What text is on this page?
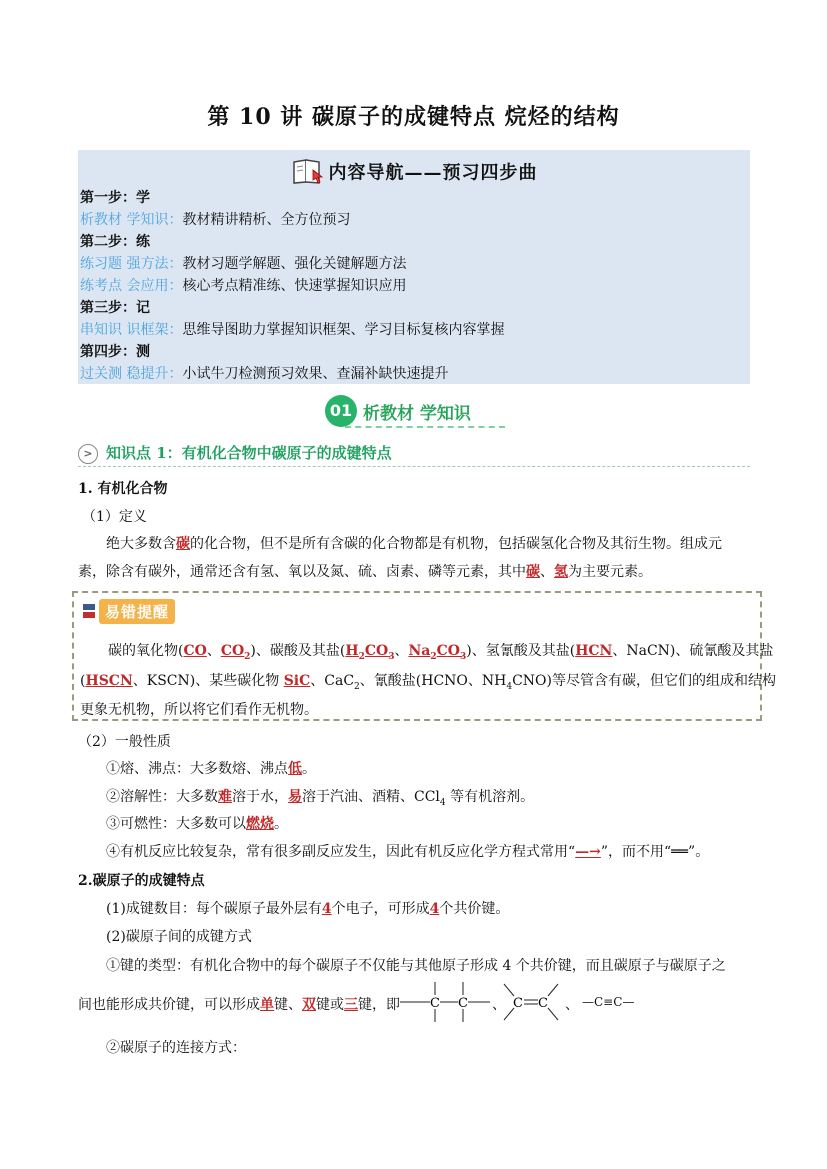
第 10 讲 碳原子的成键特点 烷烃的结构
内容导航——预习四步曲
第一步：学
析教材 学知识：教材精讲精析、全方位预习
第二步：练
练习题 强方法：教材习题学解题、强化关键解题方法
练考点 会应用：核心考点精准练、快速掌握知识应用
第三步：记
串知识 识框架：思维导图助力掌握知识框架、学习目标复核内容掌握
第四步：测
过关测 稳提升：小试牛刀检测预习效果、查漏补缺快速提升
01 析教材 学知识
> 知识点 1：有机化合物中碳原子的成键特点
1. 有机化合物
（1）定义
绝大多数含碳的化合物，但不是所有含碳的化合物都是有机物，包括碳氢化合物及其衍生物。组成元
素，除含有碳外，通常还含有氢、氧以及氮、硫、卤素、磷等元素，其中碳、氢为主要元素。
易错提醒
碳的氧化物(CO、$CO_2$)、碳酸及其盐($H_2CO_3$、$Na_2CO_3$)、氢氰酸及其盐(HCN、NaCN)、硫氰酸及其盐
(HSCN、KSCN)、某些碳化物 SiC、CaC$_2$、氰酸盐(HCNO、$NH_4CNO$)等尽管含有碳，但它们的组成和结构
更象无机物，所以将它们看作无机物。
（2）一般性质
①熔、沸点：大多数熔、沸点低。
②溶解性：大多数难溶于水，易溶于汽油、酒精、CCl$_4$ 等有机溶剂。
③可燃性：大多数可以燃烧。
④有机反应比较复杂，常有很多副反应发生，因此有机反应化学方程式常用“—→”，而不用“══”。
2.碳原子的成键特点
(1)成键数目：每个碳原子最外层有4个电子，可形成4个共价键。
(2)碳原子间的成键方式
①键的类型：有机化合物中的每个碳原子不仅能与其他原子形成 4 个共价键，而且碳原子与碳原子之
间也能形成共价键，可以形成单键、双键或三键，即 C C 、 C C 、 —C≡C—
②碳原子的连接方式：
